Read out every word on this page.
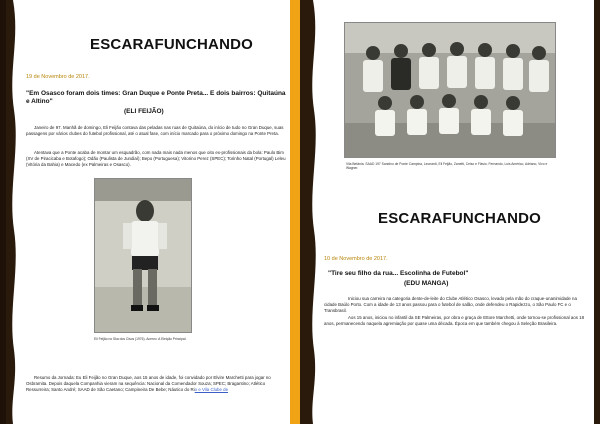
ESCARAFUNCHANDO
19 de Novembro de 2017.
"Em Osasco foram dois times: Gran Duque e Ponte Preta... E dois bairros: Quitaúna e Altino"
(ELI FEIJÃO)
Janeiro de 97. Manhã de domingo, Eli Feijão contava das peladas nas ruas de Quitaúna, do início de tudo no Gran Duque, suas passagens por vários clubes do futebol profissional, até o atual fase, com início marcado para o próximo domingo na Ponte Preta.
Atentava que a Ponte acaba de montar um esquadrão, com nada mais nada menos que oito ex-profissionais da bola: Paulo Bim (XV de Piracicaba e Botafogo); Odão (Paulista de Jundiaí); Bepo (Portuguesa); Vitorino Perez (SPEC); Torinho Natal (Portugal) Leleu (Vitória da Bahia) e Macedo (ex Palmeiras e Osasco).
Eli Feijão no Ska dos Cisos (1976). Acervo: A Eleição Principal.
Resumo da Jornada: Eu Eli Feijão no Gran Duque, aos 15 anos de idade, foi convidado por Elvire Marchetti para jogar no Osbramita. Depois daquela Companhia vieram na sequência: Nacional da Comendador Souza; SPEC; Bragantino; Atlético Ressurreira; Santo André; SAAD de São Caetano; Campineira De Bebe; Náutico do Rio e Vila Clube de
Vila Betânia. SAAD 197 Sandino de Ponte Campina, Leonardi, Eli Feijão, Zanetti, Celso e Flávio. Fernando, Luis Américo, Adriano, Vivo e Wagner.
ESCARAFUNCHANDO
10 de Novembro de 2017.
"Tire seu filho da rua... Escolinha de Futebol"
(EDU MANGA)
Iniciou sua carreira na categoria dente-de-leite do Clube Atlético Osasco, levado pela mão do craque-unanimidade na cidade Baúlo Porto. Com a idade de 13 anos passou para o futebol de salão, onde defendeu o Rapidezzo, o São Paulo FC e o Transbrasil.
Aos 15 anos, iniciou no infantil da SE Palmeiras, por obra e graça de Ettore Marchetti, onde tornou-se profissional aos 18 anos, permanecendo naquela agremiação por quase uma década. Época em que também chegou à Seleção Brasileira.
